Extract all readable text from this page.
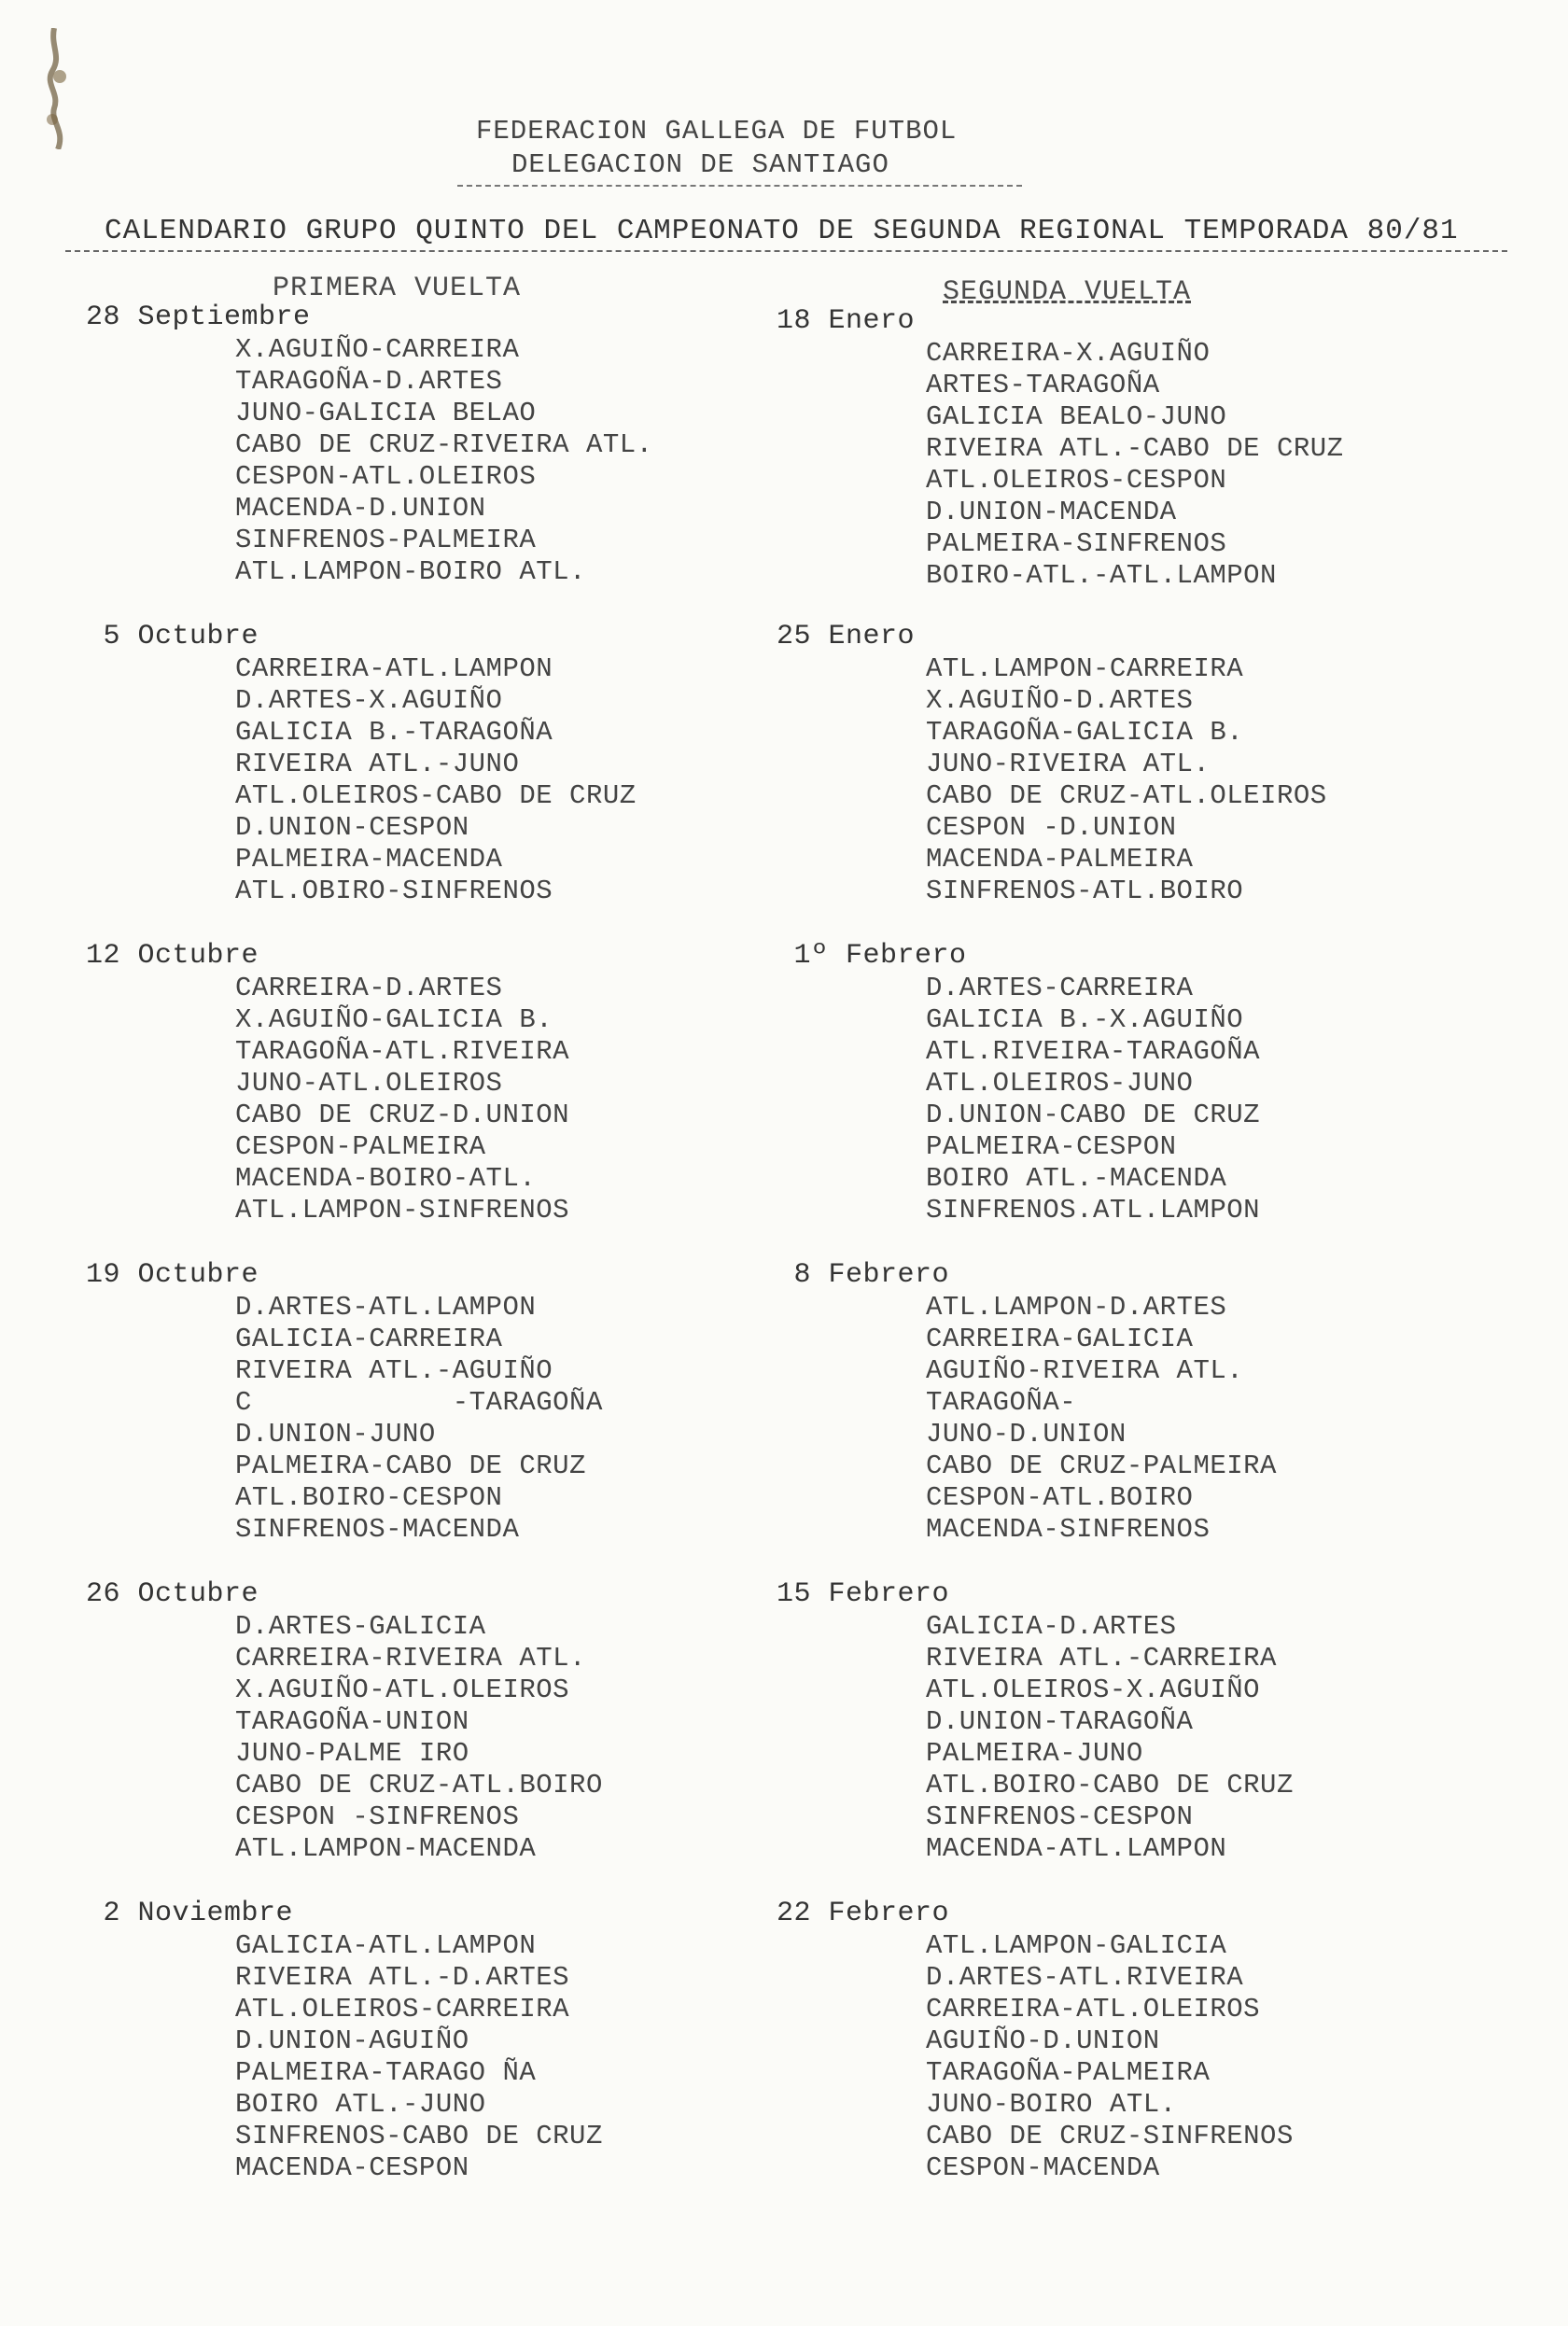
FEDERACION GALLEGA DE FUTBOL
DELEGACION DE SANTIAGO
CALENDARIO GRUPO QUINTO DEL CAMPEONATO DE SEGUNDA REGIONAL TEMPORADA 80/81
PRIMERA VUELTA	SEGUNDA VUELTA
28 Septiembre
X.AGUIÑO-CARREIRA
TARAGOÑA-D.ARTES
JUNO-GALICIA BELAO
CABO DE CRUZ-RIVEIRA ATL.
CESPON-ATL.OLEIROS
MACENDA-D.UNION
SINFRENOS-PALMEIRA
ATL.LAMPON-BOIRO ATL.
5 Octubre
CARREIRA-ATL.LAMPON
D.ARTES-X.AGUIÑO
GALICIA B.-TARAGOÑA
RIVEIRA ATL.-JUNO
ATL.OLEIROS-CABO DE CRUZ
D.UNION-CESPON
PALMEIRA-MACENDA
ATL.OBIRO-SINFRENOS
12 Octubre
CARREIRA-D.ARTES
X.AGUIÑO-GALICIA B.
TARAGOÑA-ATL.RIVEIRA
JUNO-ATL.OLEIROS
CABO DE CRUZ-D.UNION
CESPON-PALMEIRA
MACENDA-BOIRO-ATL.
ATL.LAMPON-SINFRENOS
19 Octubre
D.ARTES-ATL.LAMPON
GALICIA-CARREIRA
RIVEIRA ATL.-AGUIÑO
C            -TARAGOÑA
D.UNION-JUNO
PALMEIRA-CABO DE CRUZ
ATL.BOIRO-CESPON
SINFRENOS-MACENDA
26 Octubre
D.ARTES-GALICIA
CARREIRA-RIVEIRA ATL.
X.AGUIÑO-ATL.OLEIROS
TARAGOÑA-UNION
JUNO-PALME IRO
CABO DE CRUZ-ATL.BOIRO
CESPON -SINFRENOS
ATL.LAMPON-MACENDA
2 Noviembre
GALICIA-ATL.LAMPON
RIVEIRA ATL.-D.ARTES
ATL.OLEIROS-CARREIRA
D.UNION-AGUIÑO
PALMEIRA-TARAGO ÑA
BOIRO ATL.-JUNO
SINFRENOS-CABO DE CRUZ
MACENDA-CESPON
18 Enero
CARREIRA-X.AGUIÑO
ARTES-TARAGOÑA
GALICIA BEALO-JUNO
RIVEIRA ATL.-CABO DE CRUZ
ATL.OLEIROS-CESPON
D.UNION-MACENDA
PALMEIRA-SINFRENOS
BOIRO-ATL.-ATL.LAMPON
25 Enero
ATL.LAMPON-CARREIRA
X.AGUIÑO-D.ARTES
TARAGOÑA-GALICIA B.
JUNO-RIVEIRA ATL.
CABO DE CRUZ-ATL.OLEIROS
CESPON -D.UNION
MACENDA-PALMEIRA
SINFRENOS-ATL.BOIRO
1º Febrero
D.ARTES-CARREIRA
GALICIA B.-X.AGUIÑO
ATL.RIVEIRA-TARAGOÑA
ATL.OLEIROS-JUNO
D.UNION-CABO DE CRUZ
PALMEIRA-CESPON
BOIRO ATL.-MACENDA
SINFRENOS.ATL.LAMPON
8 Febrero
ATL.LAMPON-D.ARTES
CARREIRA-GALICIA
AGUIÑO-RIVEIRA ATL.
TARAGOÑA-
JUNO-D.UNION
CABO DE CRUZ-PALMEIRA
CESPON-ATL.BOIRO
MACENDA-SINFRENOS
15 Febrero
GALICIA-D.ARTES
RIVEIRA ATL.-CARREIRA
ATL.OLEIROS-X.AGUIÑO
D.UNION-TARAGOÑA
PALMEIRA-JUNO
ATL.BOIRO-CABO DE CRUZ
SINFRENOS-CESPON
MACENDA-ATL.LAMPON
22 Febrero
ATL.LAMPON-GALICIA
D.ARTES-ATL.RIVEIRA
CARREIRA-ATL.OLEIROS
AGUIÑO-D.UNION
TARAGOÑA-PALMEIRA
JUNO-BOIRO ATL.
CABO DE CRUZ-SINFRENOS
CESPON-MACENDA
